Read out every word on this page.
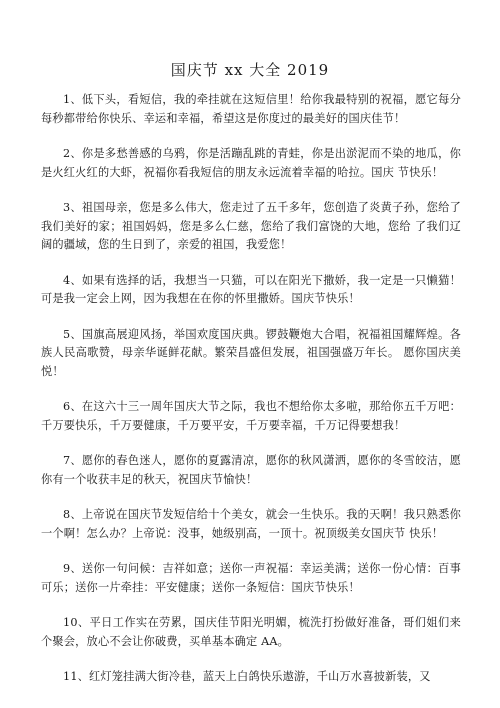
国庆节 xx 大全 2019

1、低下头，看短信，我的牵挂就在这短信里！给你我最特别的祝福，愿它每分每秒都带给你快乐、幸运和幸福，希望这是你度过的最美好的国庆佳节！

2、你是多愁善感的乌鸦，你是活蹦乱跳的青蛙，你是出淤泥而不染的地瓜，你是火红火红的大虾，祝福你看我短信的朋友永远流着幸福的哈拉。国庆 节快乐！

3、祖国母亲，您是多么伟大，您走过了五千多年，您创造了炎黄子孙，您给了我们美好的家；祖国妈妈，您是多么仁慈，您给了我们富饶的大地，您给 了我们辽阔的疆域，您的生日到了，亲爱的祖国，我爱您！

4、如果有选择的话，我想当一只猫，可以在阳光下撒娇，我一定是一只懒猫！可是我一定会上网，因为我想在在你的怀里撒娇。国庆节快乐！

5、国旗高展迎风扬，举国欢度国庆典。锣鼓鞭炮大合唱，祝福祖国耀辉煌。各族人民高歌赞，母亲华诞鲜花献。繁荣昌盛但发展，祖国强盛万年长。 愿你国庆美悦！

6、在这六十三一周年国庆大节之际，我也不想给你太多啦，那给你五千万吧：千万要快乐，千万要健康，千万要平安，千万要幸福，千万记得要想我！

7、愿你的春色迷人，愿你的夏露清凉，愿你的秋风潇洒，愿你的冬雪皎洁，愿你有一个收获丰足的秋天，祝国庆节愉快！

8、上帝说在国庆节发短信给十个美女，就会一生快乐。我的天啊！我只熟悉你一个啊！怎么办？上帝说：没事，她级别高，一顶十。祝顶级美女国庆节 快乐！

9、送你一句问候：吉祥如意；送你一声祝福：幸运美满；送你一份心情：百事可乐；送你一片牵挂：平安健康；送你一条短信：国庆节快乐！

10、平日工作实在劳累，国庆佳节阳光明媚，梳洗打扮做好准备，哥们姐们来个聚会，放心不会让你破费，买单基本确定 AA。

11、红灯笼挂满大街冷巷，蓝天上白鸽快乐遨游，千山万水喜披新装，又
